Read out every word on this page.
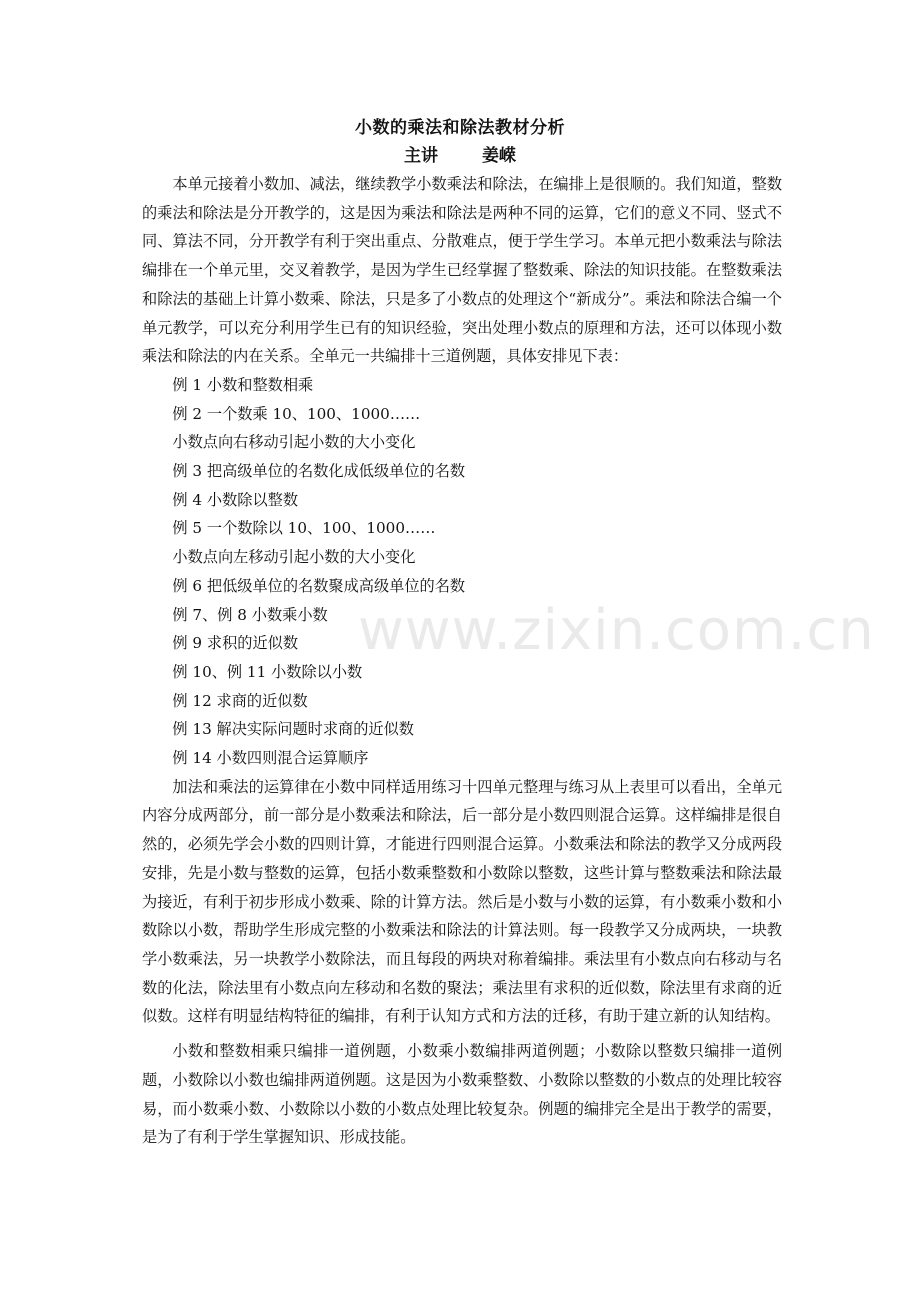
小数的乘法和除法教材分析
主讲	姜嵘

本单元接着小数加、减法，继续教学小数乘法和除法，在编排上是很顺的。我们知道，整数的乘法和除法是分开教学的，这是因为乘法和除法是两种不同的运算，它们的意义不同、竖式不同、算法不同，分开教学有利于突出重点、分散难点，便于学生学习。本单元把小数乘法与除法编排在一个单元里，交叉着教学，是因为学生已经掌握了整数乘、除法的知识技能。在整数乘法和除法的基础上计算小数乘、除法，只是多了小数点的处理这个“新成分”。乘法和除法合编一个单元教学，可以充分利用学生已有的知识经验，突出处理小数点的原理和方法，还可以体现小数乘法和除法的内在关系。全单元一共编排十三道例题，具体安排见下表：

例 1 小数和整数相乘
例 2 一个数乘 10、100、1000……
小数点向右移动引起小数的大小变化
例 3 把高级单位的名数化成低级单位的名数
例 4 小数除以整数
例 5 一个数除以 10、100、1000……
小数点向左移动引起小数的大小变化
例 6 把低级单位的名数聚成高级单位的名数
例 7、例 8 小数乘小数
例 9 求积的近似数
例 10、例 11 小数除以小数
例 12 求商的近似数
例 13 解决实际问题时求商的近似数
例 14 小数四则混合运算顺序

加法和乘法的运算律在小数中同样适用练习十四单元整理与练习从上表里可以看出，全单元内容分成两部分，前一部分是小数乘法和除法，后一部分是小数四则混合运算。这样编排是很自然的，必须先学会小数的四则计算，才能进行四则混合运算。小数乘法和除法的教学又分成两段安排，先是小数与整数的运算，包括小数乘整数和小数除以整数，这些计算与整数乘法和除法最为接近，有利于初步形成小数乘、除的计算方法。然后是小数与小数的运算，有小数乘小数和小数除以小数，帮助学生形成完整的小数乘法和除法的计算法则。每一段教学又分成两块，一块教学小数乘法，另一块教学小数除法，而且每段的两块对称着编排。乘法里有小数点向右移动与名数的化法，除法里有小数点向左移动和名数的聚法；乘法里有求积的近似数，除法里有求商的近似数。这样有明显结构特征的编排，有利于认知方式和方法的迁移，有助于建立新的认知结构。

小数和整数相乘只编排一道例题，小数乘小数编排两道例题；小数除以整数只编排一道例题，小数除以小数也编排两道例题。这是因为小数乘整数、小数除以整数的小数点的处理比较容易，而小数乘小数、小数除以小数的小数点处理比较复杂。例题的编排完全是出于教学的需要，是为了有利于学生掌握知识、形成技能。

www.zixin.com.cn
